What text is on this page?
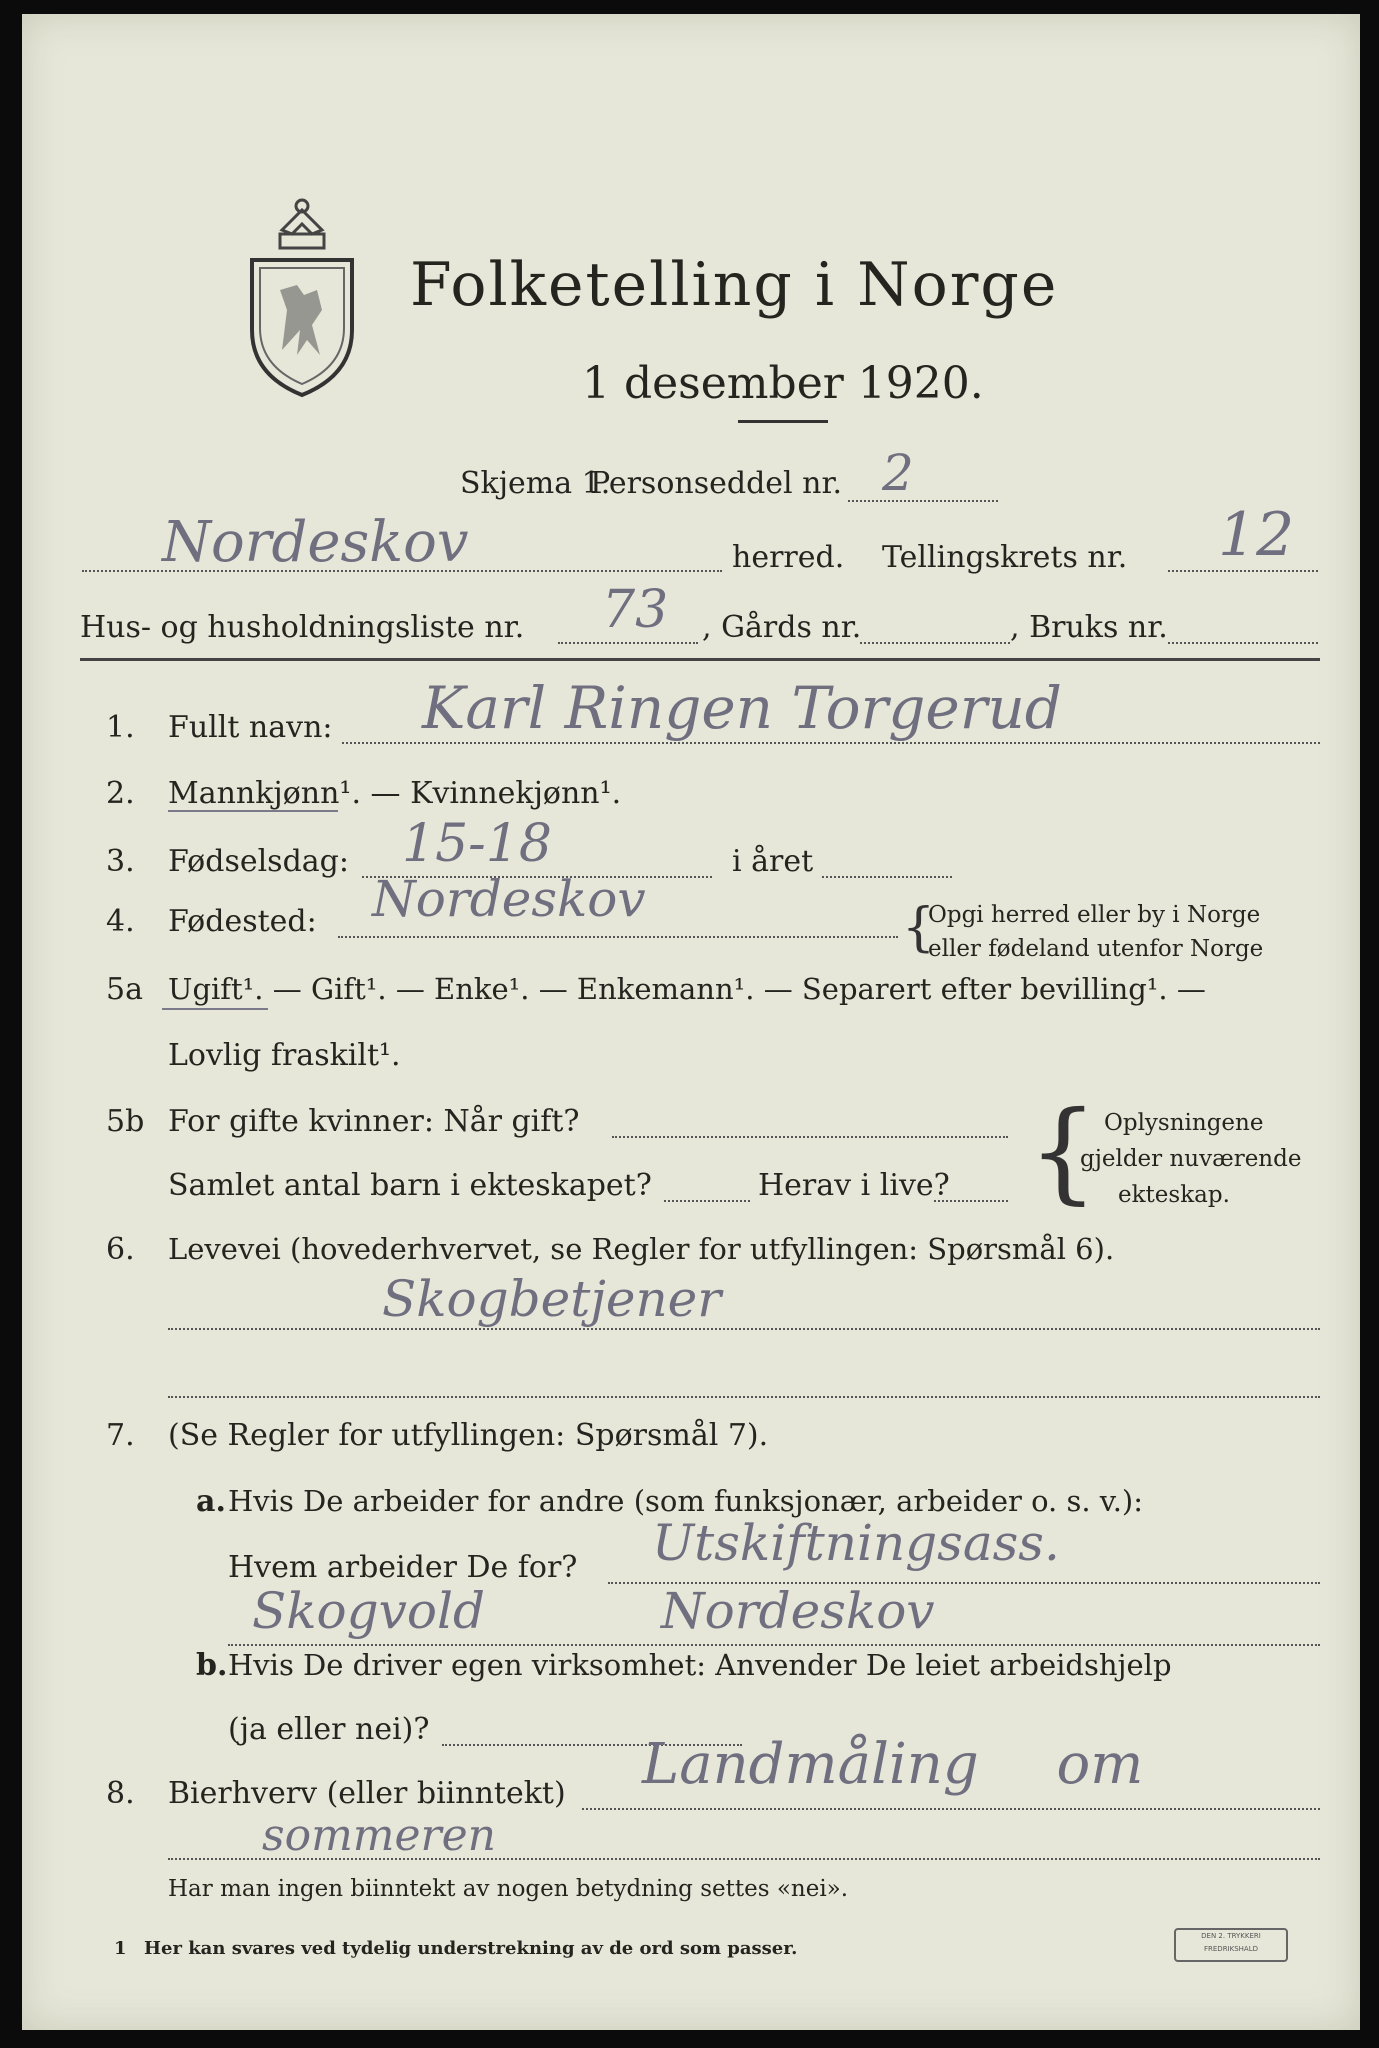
Folketelling i Norge
1 desember 1920.
Skjema 1.
Personseddel nr. 2
Nordeskov	herred. Tellingskrets nr. 12
Hus- og husholdningsliste nr. 73 , Gårds nr.	, Bruks nr.
1. Fullt navn: Karl Ringen Torgerud
2. Mannkjønn¹. — Kvinnekjønn¹.
3. Fødselsdag: 15-18	i året
4. Fødested: Nordeskov	{
Opgi herred eller by i Norge
eller fødeland utenfor Norge
5a Ugift¹. — Gift¹. — Enke¹. — Enkemann¹. — Separert efter bevilling¹. —
Lovlig fraskilt¹.
5b For gifte kvinner: Når gift?
Samlet antal barn i ekteskapet?	Herav i live? { Oplysningene
gjelder nuværende
ekteskap.
6. Levevei (hovederhvervet, se Regler for utfyllingen: Spørsmål 6).
Skogbetjener
7. (Se Regler for utfyllingen: Spørsmål 7).
a. Hvis De arbeider for andre (som funksjonær, arbeider o. s. v.):
Hvem arbeider De for? Utskiftningsass.
Skogvold Nordeskov
b. Hvis De driver egen virksomhet: Anvender De leiet arbeidshjelp
(ja eller nei)?
8. Bierhverv (eller biinntekt) Landmåling om
sommeren
Har man ingen biinntekt av nogen betydning settes «nei».
1 Her kan svares ved tydelig understrekning av de ord som passer.
DEN 2. TRYKKERI FREDRIKSHALD
